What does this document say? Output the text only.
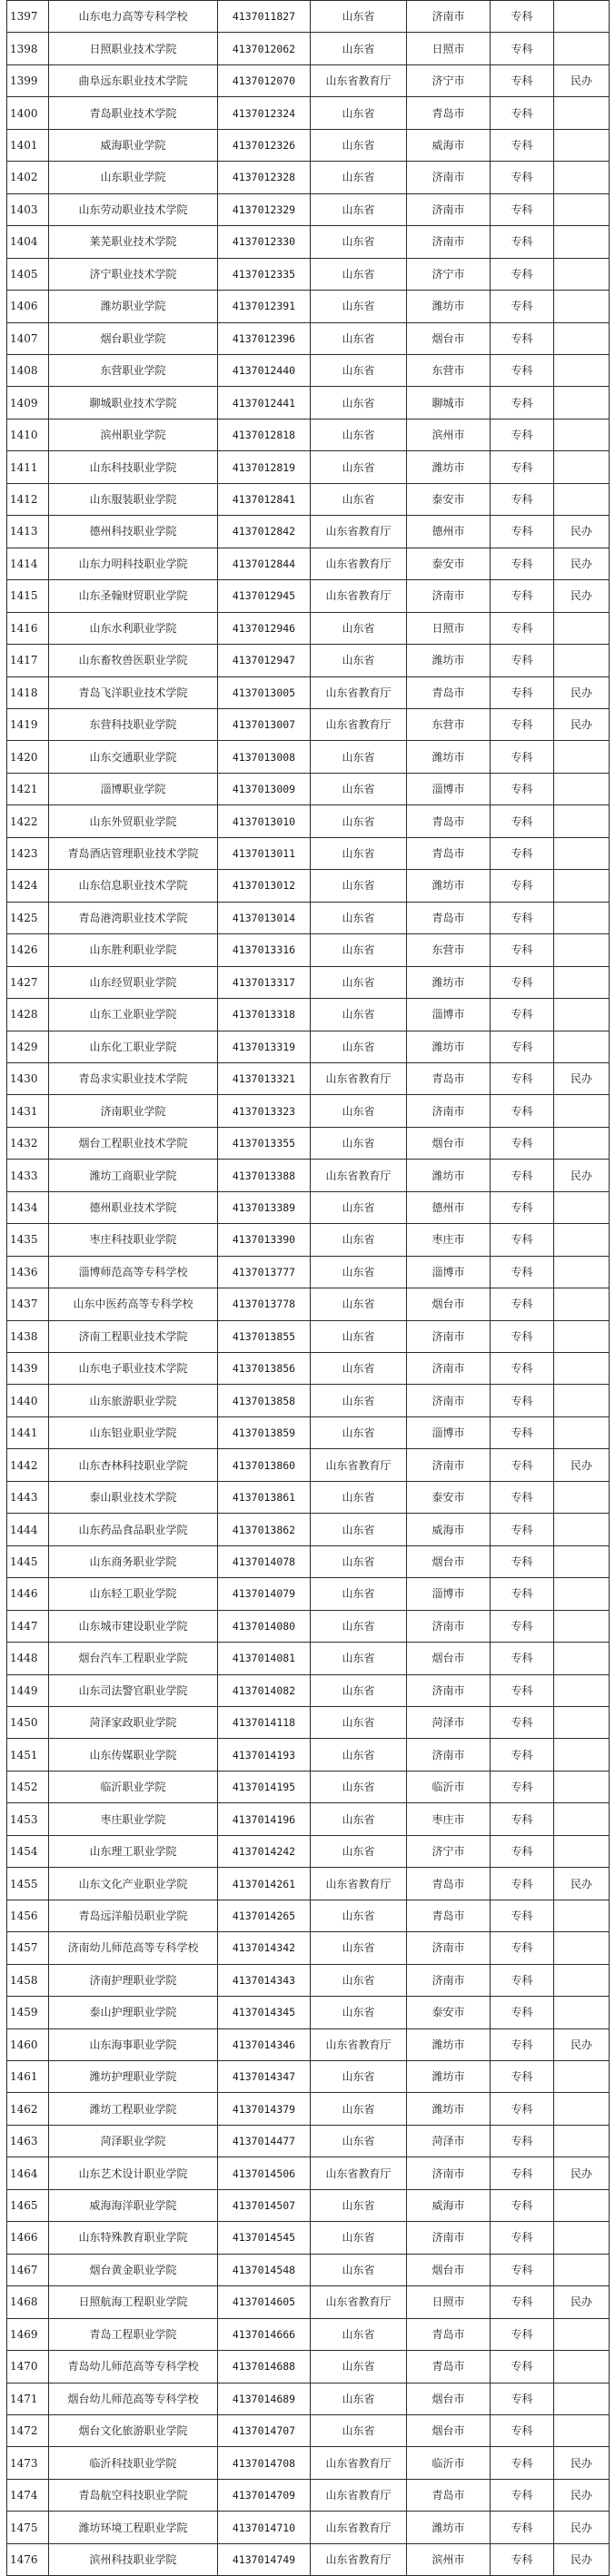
1397	山东电力高等专科学校	4137011827	山东省	济南市	专科	
1398	日照职业技术学院	4137012062	山东省	日照市	专科	
1399	曲阜远东职业技术学院	4137012070	山东省教育厅	济宁市	专科	民办
1400	青岛职业技术学院	4137012324	山东省	青岛市	专科	
1401	威海职业学院	4137012326	山东省	威海市	专科	
1402	山东职业学院	4137012328	山东省	济南市	专科	
1403	山东劳动职业技术学院	4137012329	山东省	济南市	专科	
1404	莱芜职业技术学院	4137012330	山东省	济南市	专科	
1405	济宁职业技术学院	4137012335	山东省	济宁市	专科	
1406	潍坊职业学院	4137012391	山东省	潍坊市	专科	
1407	烟台职业学院	4137012396	山东省	烟台市	专科	
1408	东营职业学院	4137012440	山东省	东营市	专科	
1409	聊城职业技术学院	4137012441	山东省	聊城市	专科	
1410	滨州职业学院	4137012818	山东省	滨州市	专科	
1411	山东科技职业学院	4137012819	山东省	潍坊市	专科	
1412	山东服装职业学院	4137012841	山东省	泰安市	专科	
1413	德州科技职业学院	4137012842	山东省教育厅	德州市	专科	民办
1414	山东力明科技职业学院	4137012844	山东省教育厅	泰安市	专科	民办
1415	山东圣翰财贸职业学院	4137012945	山东省教育厅	济南市	专科	民办
1416	山东水利职业学院	4137012946	山东省	日照市	专科	
1417	山东畜牧兽医职业学院	4137012947	山东省	潍坊市	专科	
1418	青岛飞洋职业技术学院	4137013005	山东省教育厅	青岛市	专科	民办
1419	东营科技职业学院	4137013007	山东省教育厅	东营市	专科	民办
1420	山东交通职业学院	4137013008	山东省	潍坊市	专科	
1421	淄博职业学院	4137013009	山东省	淄博市	专科	
1422	山东外贸职业学院	4137013010	山东省	青岛市	专科	
1423	青岛酒店管理职业技术学院	4137013011	山东省	青岛市	专科	
1424	山东信息职业技术学院	4137013012	山东省	潍坊市	专科	
1425	青岛港湾职业技术学院	4137013014	山东省	青岛市	专科	
1426	山东胜利职业学院	4137013316	山东省	东营市	专科	
1427	山东经贸职业学院	4137013317	山东省	潍坊市	专科	
1428	山东工业职业学院	4137013318	山东省	淄博市	专科	
1429	山东化工职业学院	4137013319	山东省	潍坊市	专科	
1430	青岛求实职业技术学院	4137013321	山东省教育厅	青岛市	专科	民办
1431	济南职业学院	4137013323	山东省	济南市	专科	
1432	烟台工程职业技术学院	4137013355	山东省	烟台市	专科	
1433	潍坊工商职业学院	4137013388	山东省教育厅	潍坊市	专科	民办
1434	德州职业技术学院	4137013389	山东省	德州市	专科	
1435	枣庄科技职业学院	4137013390	山东省	枣庄市	专科	
1436	淄博师范高等专科学校	4137013777	山东省	淄博市	专科	
1437	山东中医药高等专科学校	4137013778	山东省	烟台市	专科	
1438	济南工程职业技术学院	4137013855	山东省	济南市	专科	
1439	山东电子职业技术学院	4137013856	山东省	济南市	专科	
1440	山东旅游职业学院	4137013858	山东省	济南市	专科	
1441	山东铝业职业学院	4137013859	山东省	淄博市	专科	
1442	山东杏林科技职业学院	4137013860	山东省教育厅	济南市	专科	民办
1443	泰山职业技术学院	4137013861	山东省	泰安市	专科	
1444	山东药品食品职业学院	4137013862	山东省	威海市	专科	
1445	山东商务职业学院	4137014078	山东省	烟台市	专科	
1446	山东轻工职业学院	4137014079	山东省	淄博市	专科	
1447	山东城市建设职业学院	4137014080	山东省	济南市	专科	
1448	烟台汽车工程职业学院	4137014081	山东省	烟台市	专科	
1449	山东司法警官职业学院	4137014082	山东省	济南市	专科	
1450	菏泽家政职业学院	4137014118	山东省	菏泽市	专科	
1451	山东传媒职业学院	4137014193	山东省	济南市	专科	
1452	临沂职业学院	4137014195	山东省	临沂市	专科	
1453	枣庄职业学院	4137014196	山东省	枣庄市	专科	
1454	山东理工职业学院	4137014242	山东省	济宁市	专科	
1455	山东文化产业职业学院	4137014261	山东省教育厅	青岛市	专科	民办
1456	青岛远洋船员职业学院	4137014265	山东省	青岛市	专科	
1457	济南幼儿师范高等专科学校	4137014342	山东省	济南市	专科	
1458	济南护理职业学院	4137014343	山东省	济南市	专科	
1459	泰山护理职业学院	4137014345	山东省	泰安市	专科	
1460	山东海事职业学院	4137014346	山东省教育厅	潍坊市	专科	民办
1461	潍坊护理职业学院	4137014347	山东省	潍坊市	专科	
1462	潍坊工程职业学院	4137014379	山东省	潍坊市	专科	
1463	菏泽职业学院	4137014477	山东省	菏泽市	专科	
1464	山东艺术设计职业学院	4137014506	山东省教育厅	济南市	专科	民办
1465	威海海洋职业学院	4137014507	山东省	威海市	专科	
1466	山东特殊教育职业学院	4137014545	山东省	济南市	专科	
1467	烟台黄金职业学院	4137014548	山东省	烟台市	专科	
1468	日照航海工程职业学院	4137014605	山东省教育厅	日照市	专科	民办
1469	青岛工程职业学院	4137014666	山东省	青岛市	专科	
1470	青岛幼儿师范高等专科学校	4137014688	山东省	青岛市	专科	
1471	烟台幼儿师范高等专科学校	4137014689	山东省	烟台市	专科	
1472	烟台文化旅游职业学院	4137014707	山东省	烟台市	专科	
1473	临沂科技职业学院	4137014708	山东省教育厅	临沂市	专科	民办
1474	青岛航空科技职业学院	4137014709	山东省教育厅	青岛市	专科	民办
1475	潍坊环境工程职业学院	4137014710	山东省教育厅	潍坊市	专科	民办
1476	滨州科技职业学院	4137014749	山东省教育厅	滨州市	专科	民办
